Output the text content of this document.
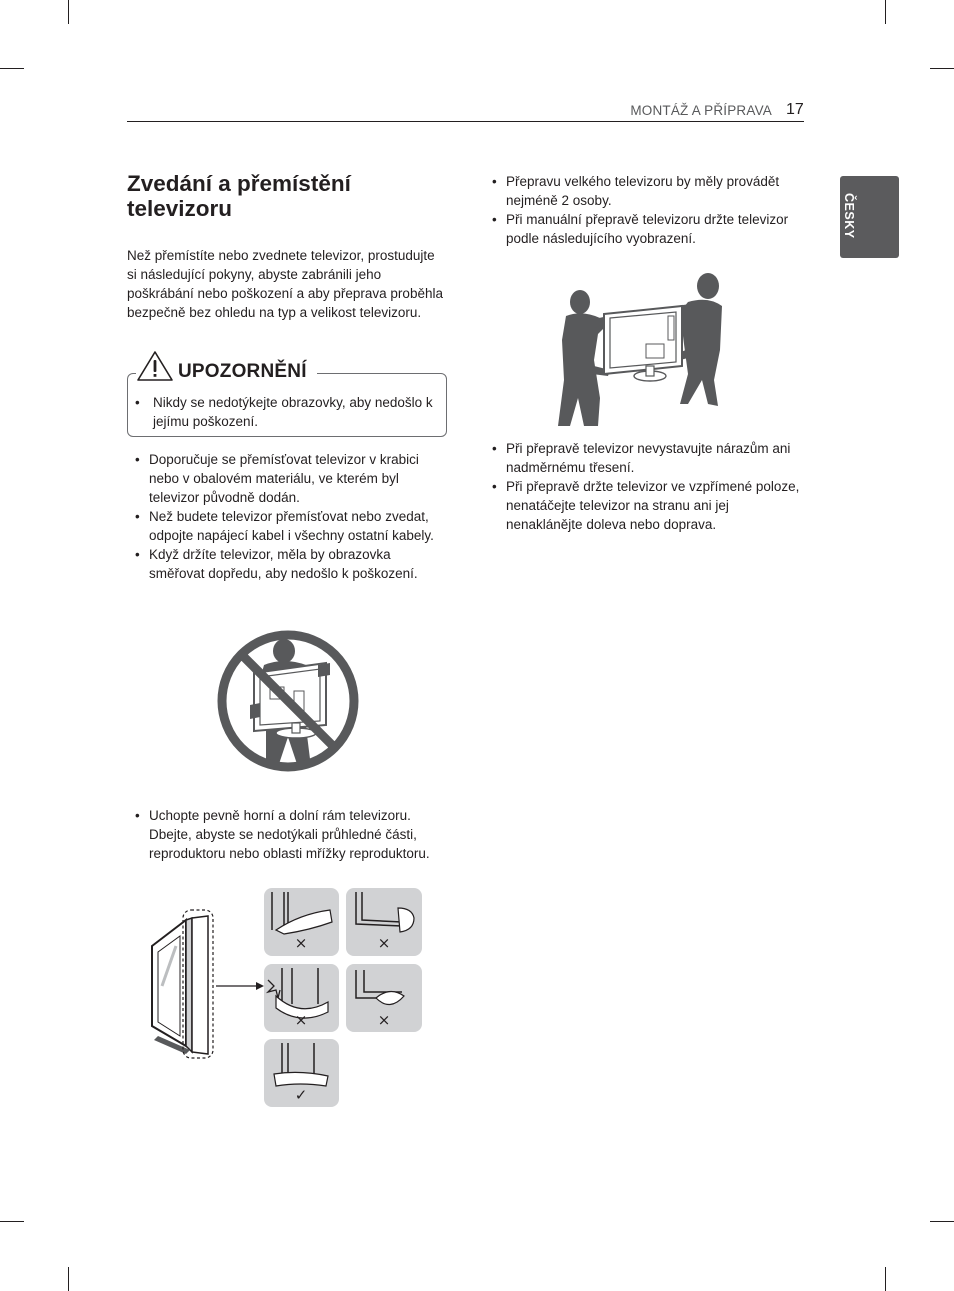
MONTÁŽ A PŘÍPRAVA 17
ČESKY
Zvedání a přemístění televizoru

Než přemístíte nebo zvednete televizor, prostudujte si následující pokyny, abyste zabránili jeho poškrábání nebo poškození a aby přeprava proběhla bezpečně bez ohledu na typ a velikost televizoru.

UPOZORNĚNÍ
• Nikdy se nedotýkejte obrazovky, aby nedošlo k jejímu poškození.
• Doporučuje se přemísťovat televizor v krabici nebo v obalovém materiálu, ve kterém byl televizor původně dodán.
• Než budete televizor přemísťovat nebo zvedat, odpojte napájecí kabel i všechny ostatní kabely.
• Když držíte televizor, měla by obrazovka směřovat dopředu, aby nedošlo k poškození.
• Uchopte pevně horní a dolní rám televizoru. Dbejte, abyste se nedotýkali průhledné části, reproduktoru nebo oblasti mřížky reproduktoru.
×	×
×	×
✓
• Přepravu velkého televizoru by měly provádět nejméně 2 osoby.
• Při manuální přepravě televizoru držte televizor podle následujícího vyobrazení.
• Při přepravě televizor nevystavujte nárazům ani nadměrnému třesení.
• Při přepravě držte televizor ve vzpřímené poloze, nenatáčejte televizor na stranu ani jej nenaklánějte doleva nebo doprava.
